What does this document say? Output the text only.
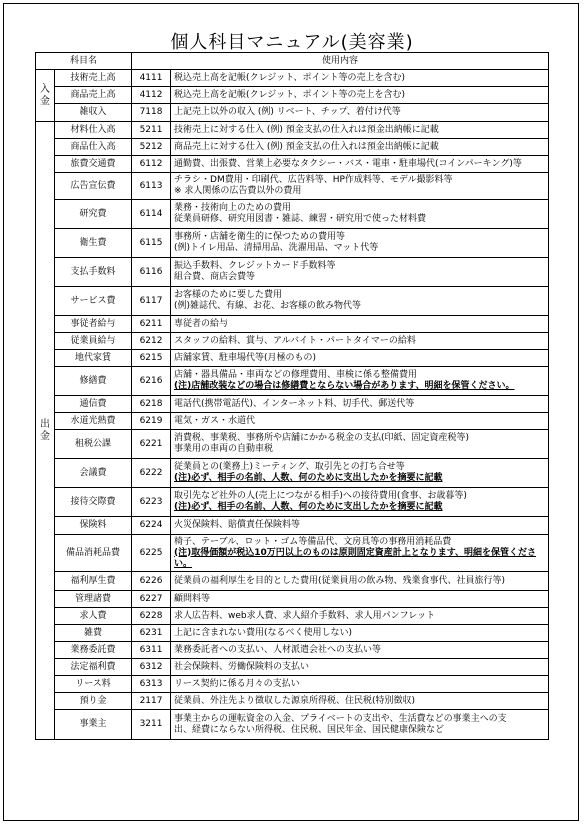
個人科目マニュアル(美容業)
科目名		使用内容	
入金	技術売上高	4111	税込売上高を記帳(クレジット、ポイント等の売上を含む)

	商品売上高	4112	税込売上高を記帳(クレジット、ポイント等の売上を含む)

	雑収入	7118	上記売上以外の収入 (例) リベート、チップ、着付け代等

出金	材料仕入高	5211	技術売上に対する仕入 (例) 預金支払の仕入れは預金出納帳に記載

	商品仕入高	5212	商品売上に対する仕入 (例) 預金支払の仕入れは預金出納帳に記載

	旅費交通費	6112	通勤費、出張費、営業上必要なタクシー・バス・電車・駐車場代(コインパーキング)等

	広告宣伝費	6113	チラシ・DM費用・印刷代、広告料等、HP作成料等、モデル撮影料等
※ 求人関係の広告費以外の費用

	研究費	6114	業務・技術向上のための費用
従業員研修、研究用図書・雑誌、練習・研究用で使った材料費

	衛生費	6115	事務所・店舗を衛生的に保つための費用等
(例)トイレ用品、清掃用品、洗濯用品、マット代等

	支払手数料	6116	振込手数料、クレジットカード手数料等
組合費、商店会費等

	サービス費	6117	お客様のために要した費用
(例)雑誌代、有線、お花、お客様の飲み物代等

	事従者給与	6211	専従者の給与

	従業員給与	6212	スタッフの給料、賞与、アルバイト・パートタイマーの給料

	地代家賃	6215	店舗家賃、駐車場代等(月極のもの)

	修繕費	6216	店舗・器具備品・車両などの修理費用、車検に係る整備費用
(注)店舗改装などの場合は修繕費とならない場合があります、明細を保管ください。

	通信費	6218	電話代(携帯電話代)、インターネット料、切手代、郵送代等

	水道光熱費	6219	電気・ガス・水道代

	租税公課	6221	消費税、事業税、事務所や店舗にかかる税金の支払(印紙、固定資産税等)
事業用の車両の自動車税

	会議費	6222	従業員との(業務上)ミーティング、取引先との打ち合せ等
(注)必ず、相手の名前、人数、何のために支出したかを摘要に記載

	接待交際費	6223	取引先など社外の人(売上につながる相手)への接待費用(食事、お歳暮等)
(注)必ず、相手の名前、人数、何のために支出したかを摘要に記載

	保険料	6224	火災保険料、賠償責任保険料等

	備品消耗品費	6225	椅子、テーブル、ロット・ゴム等備品代、文房具等の事務用消耗品費
(注)取得価額が税込10万円以上のものは原則固定資産計上となります、明細を保管ください。

	福利厚生費	6226	従業員の福利厚生を目的とした費用(従業員用の飲み物、残業食事代、社員旅行等)

	管理諸費	6227	顧問料等

	求人費	6228	求人広告料、web求人費、求人紹介手数料、求人用パンフレット

	雑費	6231	上記に含まれない費用(なるべく使用しない)

	業務委託費	6311	業務委託者への支払い、人材派遣会社への支払い等

	法定福利費	6312	社会保険料、労働保険料の支払い

	リース料	6313	リース契約に係る月々の支払い

	預り金	2117	従業員、外注先より徴収した源泉所得税、住民税(特別徴収)

	事業主	3211	事業主からの運転資金の入金、プライベートの支出や、生活費などの事業主への支
出、経費にならない所得税、住民税、国民年金、国民健康保険など
